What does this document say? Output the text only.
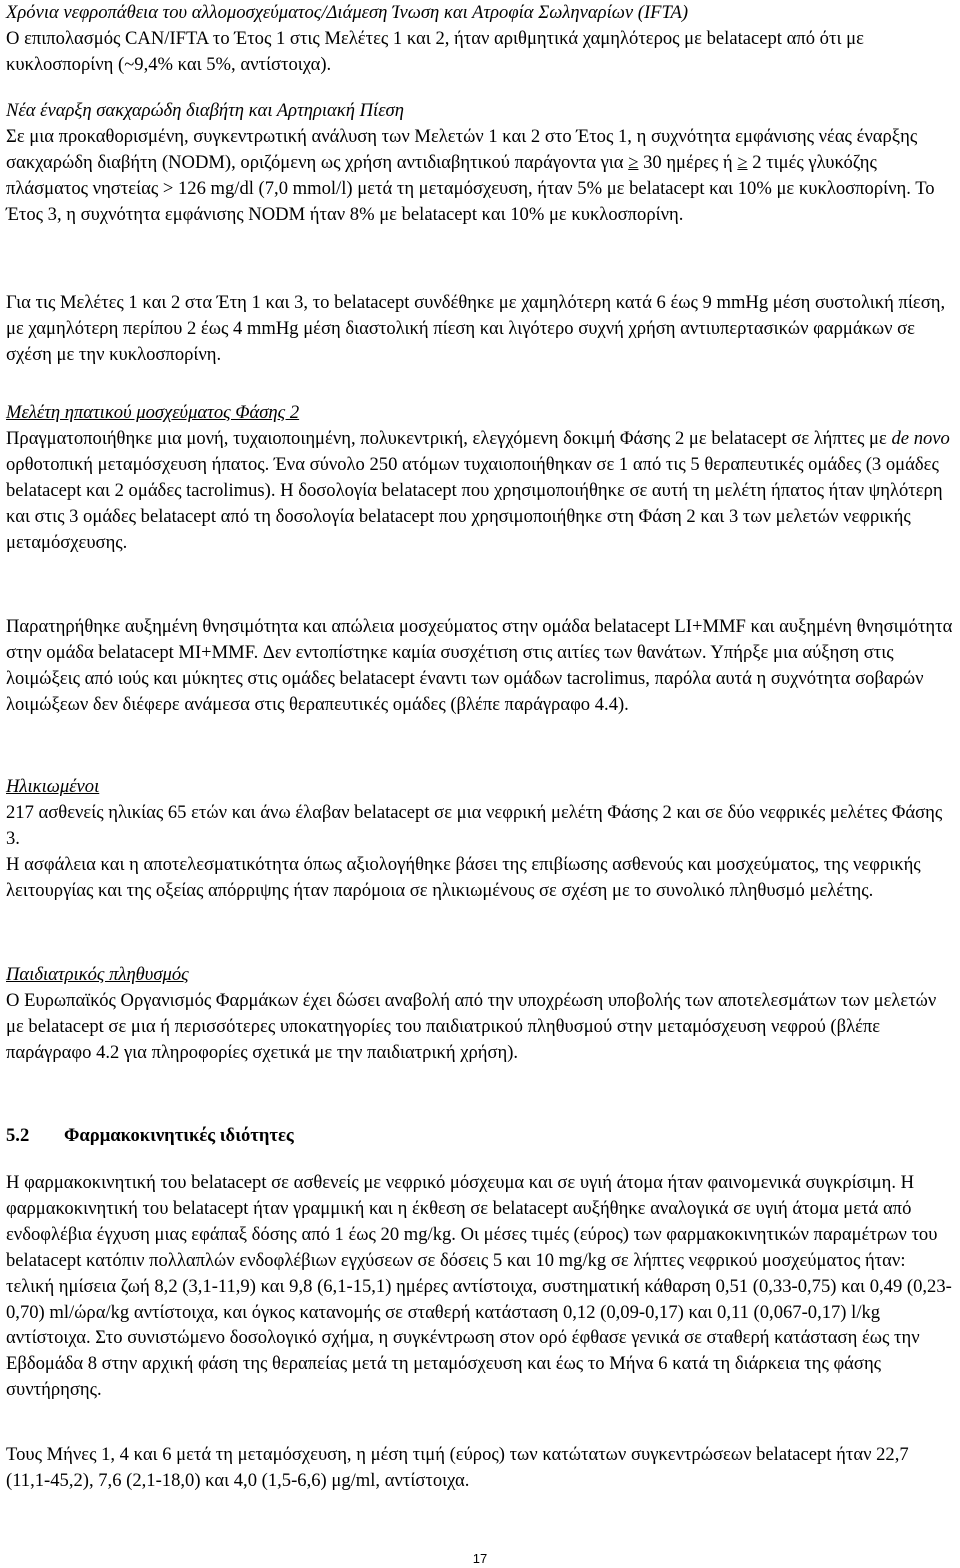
Χρόνια νεφροπάθεια του αλλομοσχεύματος/Διάμεση Ίνωση και Ατροφία Σωληναρίων (IFTA)

Ο επιπολασμός CAN/IFTA το Έτος 1 στις Μελέτες 1 και 2, ήταν αριθμητικά χαμηλότερος με belatacept από ότι με κυκλοσπορίνη (~9,4% και 5%, αντίστοιχα).

Νέα έναρξη σακχαρώδη διαβήτη και Αρτηριακή Πίεση

Σε μια προκαθορισμένη, συγκεντρωτική ανάλυση των Μελετών 1 και 2 στο Έτος 1, η συχνότητα εμφάνισης νέας έναρξης σακχαρώδη διαβήτη (NODM), οριζόμενη ως χρήση αντιδιαβητικού παράγοντα για ≥ 30 ημέρες ή ≥ 2 τιμές γλυκόζης πλάσματος νηστείας > 126 mg/dl (7,0 mmol/l) μετά τη μεταμόσχευση, ήταν 5% με belatacept και 10% με κυκλοσπορίνη. Το Έτος 3, η συχνότητα εμφάνισης NODM ήταν 8% με belatacept και 10% με κυκλοσπορίνη.

Για τις Μελέτες 1 και 2 στα Έτη 1 και 3, το belatacept συνδέθηκε με χαμηλότερη κατά 6 έως 9 mmHg μέση συστολική πίεση, με χαμηλότερη περίπου 2 έως 4 mmHg μέση διαστολική πίεση και λιγότερο συχνή χρήση αντιυπερτασικών φαρμάκων σε σχέση με την κυκλοσπορίνη.

Μελέτη ηπατικού μοσχεύματος Φάσης 2

Πραγματοποιήθηκε μια μονή, τυχαιοποιημένη, πολυκεντρική, ελεγχόμενη δοκιμή Φάσης 2 με belatacept σε λήπτες με de novo ορθοτοπική μεταμόσχευση ήπατος. Ένα σύνολο 250 ατόμων τυχαιοποιήθηκαν σε 1 από τις 5 θεραπευτικές ομάδες (3 ομάδες belatacept και 2 ομάδες tacrolimus). Η δοσολογία belatacept που χρησιμοποιήθηκε σε αυτή τη μελέτη ήπατος ήταν ψηλότερη και στις 3 ομάδες belatacept από τη δοσολογία belatacept που χρησιμοποιήθηκε στη Φάση 2 και 3 των μελετών νεφρικής μεταμόσχευσης.

Παρατηρήθηκε αυξημένη θνησιμότητα και απώλεια μοσχεύματος στην ομάδα belatacept LI+MMF και αυξημένη θνησιμότητα στην ομάδα belatacept MI+MMF. Δεν εντοπίστηκε καμία συσχέτιση στις αιτίες των θανάτων. Υπήρξε μια αύξηση στις λοιμώξεις από ιούς και μύκητες στις ομάδες belatacept έναντι των ομάδων tacrolimus, παρόλα αυτά η συχνότητα σοβαρών λοιμώξεων δεν διέφερε ανάμεσα στις θεραπευτικές ομάδες (βλέπε παράγραφο 4.4).

Ηλικιωμένοι

217 ασθενείς ηλικίας 65 ετών και άνω έλαβαν belatacept σε μια νεφρική μελέτη Φάσης 2 και σε δύο νεφρικές μελέτες Φάσης 3.

Η ασφάλεια και η αποτελεσματικότητα όπως αξιολογήθηκε βάσει της επιβίωσης ασθενούς και μοσχεύματος, της νεφρικής λειτουργίας και της οξείας απόρριψης ήταν παρόμοια σε ηλικιωμένους σε σχέση με το συνολικό πληθυσμό μελέτης.

Παιδιατρικός πληθυσμός

Ο Ευρωπαϊκός Οργανισμός Φαρμάκων έχει δώσει αναβολή από την υποχρέωση υποβολής των αποτελεσμάτων των μελετών με belatacept σε μια ή περισσότερες υποκατηγορίες του παιδιατρικού πληθυσμού στην μεταμόσχευση νεφρού (βλέπε παράγραφο 4.2 για πληροφορίες σχετικά με την παιδιατρική χρήση).

5.2 Φαρμακοκινητικές ιδιότητες

Η φαρμακοκινητική του belatacept σε ασθενείς με νεφρικό μόσχευμα και σε υγιή άτομα ήταν φαινομενικά συγκρίσιμη. Η φαρμακοκινητική του belatacept ήταν γραμμική και η έκθεση σε belatacept αυξήθηκε αναλογικά σε υγιή άτομα μετά από ενδοφλέβια έγχυση μιας εφάπαξ δόσης από 1 έως 20 mg/kg. Οι μέσες τιμές (εύρος) των φαρμακοκινητικών παραμέτρων του belatacept κατόπιν πολλαπλών ενδοφλέβιων εγχύσεων σε δόσεις 5 και 10 mg/kg σε λήπτες νεφρικού μοσχεύματος ήταν: τελική ημίσεια ζωή 8,2 (3,1-11,9) και 9,8 (6,1-15,1) ημέρες αντίστοιχα, συστηματική κάθαρση 0,51 (0,33-0,75) και 0,49 (0,23-0,70) ml/ώρα/kg αντίστοιχα, και όγκος κατανομής σε σταθερή κατάσταση 0,12 (0,09-0,17) και 0,11 (0,067-0,17) l/kg αντίστοιχα. Στο συνιστώμενο δοσολογικό σχήμα, η συγκέντρωση στον ορό έφθασε γενικά σε σταθερή κατάσταση έως την Εβδομάδα 8 στην αρχική φάση της θεραπείας μετά τη μεταμόσχευση και έως το Μήνα 6 κατά τη διάρκεια της φάσης συντήρησης.

Τους Μήνες 1, 4 και 6 μετά τη μεταμόσχευση, η μέση τιμή (εύρος) των κατώτατων συγκεντρώσεων belatacept ήταν 22,7 (11,1-45,2), 7,6 (2,1-18,0) και 4,0 (1,5-6,6) μg/ml, αντίστοιχα.

17
